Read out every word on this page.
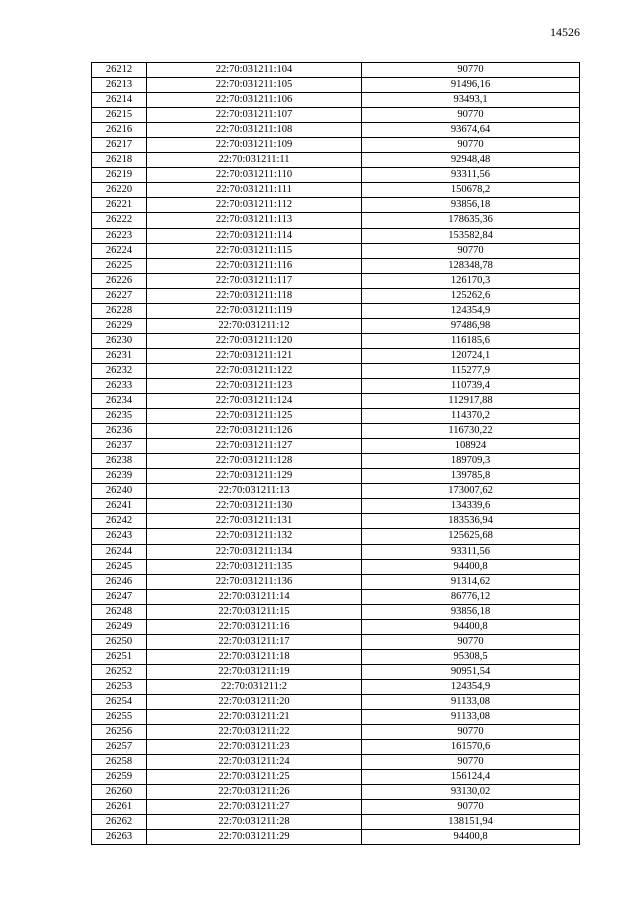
14526
26212	22:70:031211:104	90770
26213	22:70:031211:105	91496,16
26214	22:70:031211:106	93493,1
26215	22:70:031211:107	90770
26216	22:70:031211:108	93674,64
26217	22:70:031211:109	90770
26218	22:70:031211:11	92948,48
26219	22:70:031211:110	93311,56
26220	22:70:031211:111	150678,2
26221	22:70:031211:112	93856,18
26222	22:70:031211:113	178635,36
26223	22:70:031211:114	153582,84
26224	22:70:031211:115	90770
26225	22:70:031211:116	128348,78
26226	22:70:031211:117	126170,3
26227	22:70:031211:118	125262,6
26228	22:70:031211:119	124354,9
26229	22:70:031211:12	97486,98
26230	22:70:031211:120	116185,6
26231	22:70:031211:121	120724,1
26232	22:70:031211:122	115277,9
26233	22:70:031211:123	110739,4
26234	22:70:031211:124	112917,88
26235	22:70:031211:125	114370,2
26236	22:70:031211:126	116730,22
26237	22:70:031211:127	108924
26238	22:70:031211:128	189709,3
26239	22:70:031211:129	139785,8
26240	22:70:031211:13	173007,62
26241	22:70:031211:130	134339,6
26242	22:70:031211:131	183536,94
26243	22:70:031211:132	125625,68
26244	22:70:031211:134	93311,56
26245	22:70:031211:135	94400,8
26246	22:70:031211:136	91314,62
26247	22:70:031211:14	86776,12
26248	22:70:031211:15	93856,18
26249	22:70:031211:16	94400,8
26250	22:70:031211:17	90770
26251	22:70:031211:18	95308,5
26252	22:70:031211:19	90951,54
26253	22:70:031211:2	124354,9
26254	22:70:031211:20	91133,08
26255	22:70:031211:21	91133,08
26256	22:70:031211:22	90770
26257	22:70:031211:23	161570,6
26258	22:70:031211:24	90770
26259	22:70:031211:25	156124,4
26260	22:70:031211:26	93130,02
26261	22:70:031211:27	90770
26262	22:70:031211:28	138151,94
26263	22:70:031211:29	94400,8
